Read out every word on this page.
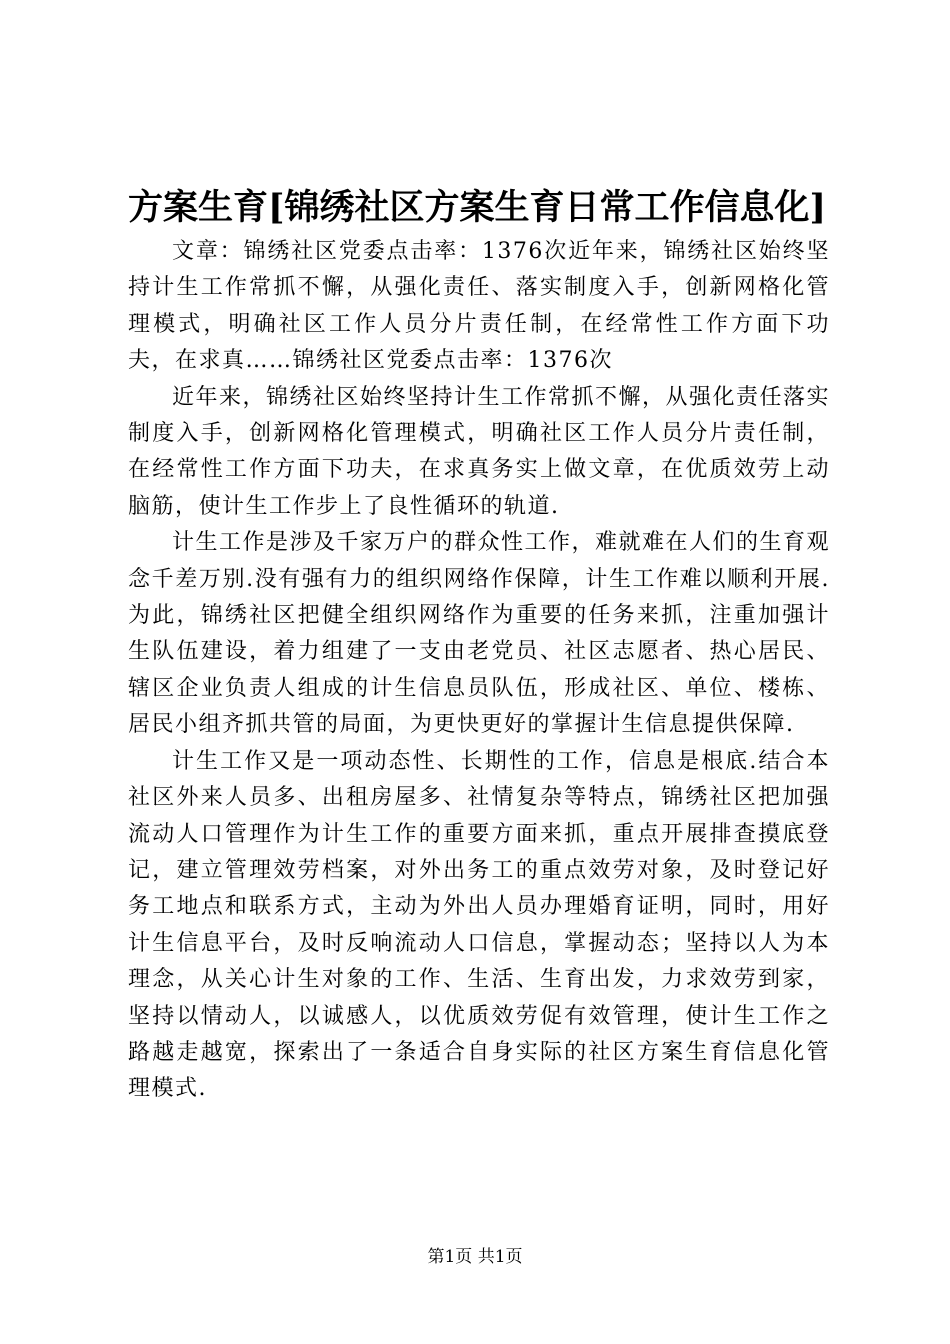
方案生育[锦绣社区方案生育日常工作信息化]

文章：锦绣社区党委点击率：1376次近年来，锦绣社区始终坚持计生工作常抓不懈，从强化责任、落实制度入手，创新网格化管理模式，明确社区工作人员分片责任制，在经常性工作方面下功夫，在求真……锦绣社区党委点击率：1376次

近年来，锦绣社区始终坚持计生工作常抓不懈，从强化责任落实制度入手，创新网格化管理模式，明确社区工作人员分片责任制，在经常性工作方面下功夫，在求真务实上做文章，在优质效劳上动脑筋，使计生工作步上了良性循环的轨道.

计生工作是涉及千家万户的群众性工作，难就难在人们的生育观念千差万别.没有强有力的组织网络作保障，计生工作难以顺利开展.为此，锦绣社区把健全组织网络作为重要的任务来抓，注重加强计生队伍建设，着力组建了一支由老党员、社区志愿者、热心居民、辖区企业负责人组成的计生信息员队伍，形成社区、单位、楼栋、居民小组齐抓共管的局面，为更快更好的掌握计生信息提供保障.

计生工作又是一项动态性、长期性的工作，信息是根底.结合本社区外来人员多、出租房屋多、社情复杂等特点，锦绣社区把加强流动人口管理作为计生工作的重要方面来抓，重点开展排查摸底登记，建立管理效劳档案，对外出务工的重点效劳对象，及时登记好务工地点和联系方式，主动为外出人员办理婚育证明，同时，用好计生信息平台，及时反响流动人口信息，掌握动态；坚持以人为本理念，从关心计生对象的工作、生活、生育出发，力求效劳到家，坚持以情动人，以诚感人，以优质效劳促有效管理，使计生工作之路越走越宽，探索出了一条适合自身实际的社区方案生育信息化管理模式.

第1页 共1页
